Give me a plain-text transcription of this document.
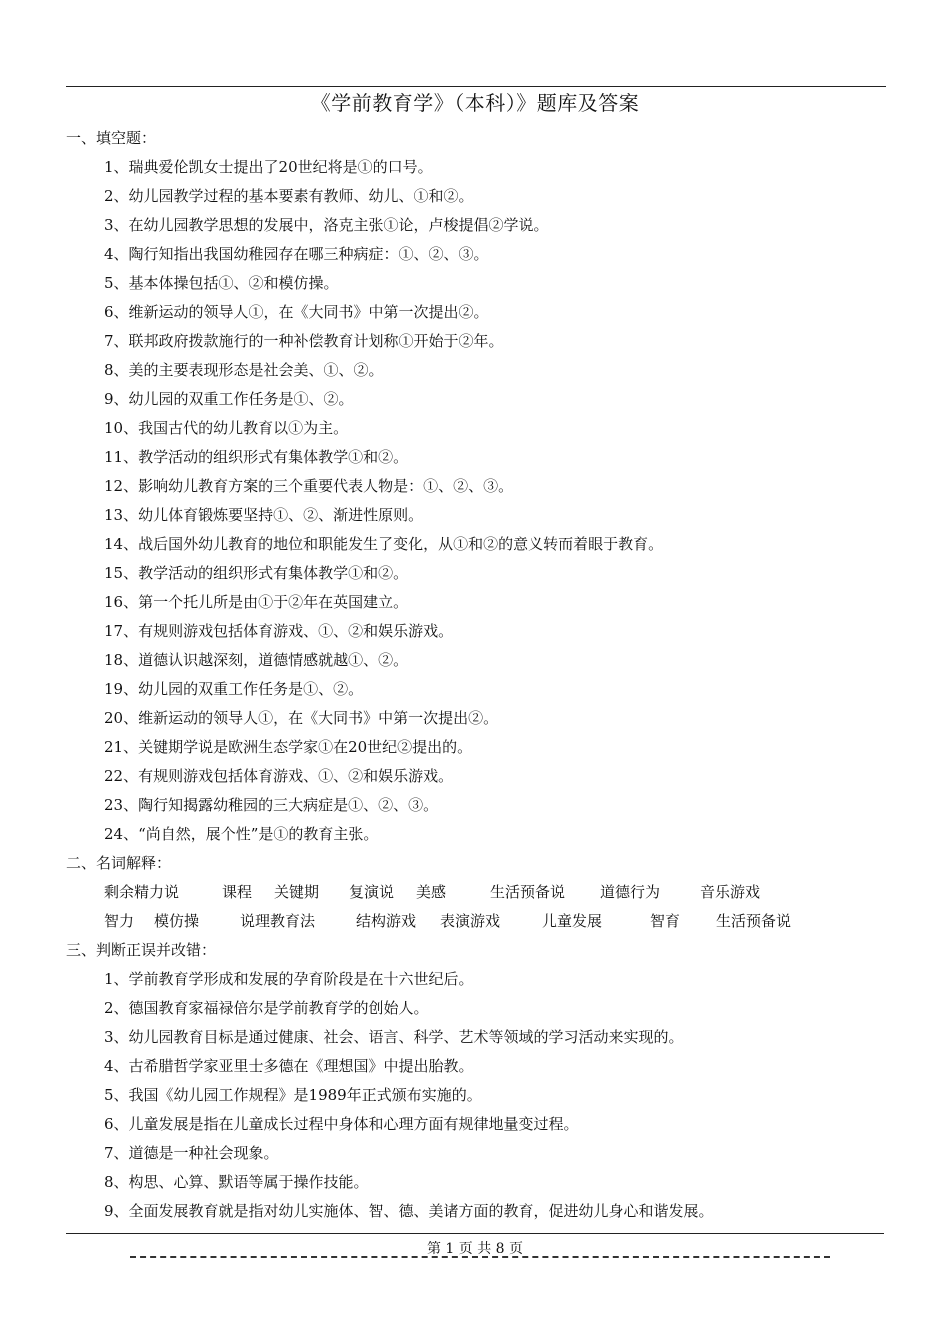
《学前教育学》（本科）》题库及答案
一、填空题：
1、瑞典爱伦凯女士提出了20世纪将是①的口号。
2、幼儿园教学过程的基本要素有教师、幼儿、①和②。
3、在幼儿园教学思想的发展中，洛克主张①论，卢梭提倡②学说。
4、陶行知指出我国幼稚园存在哪三种病症：①、②、③。
5、基本体操包括①、②和模仿操。
6、维新运动的领导人①，在《大同书》中第一次提出②。
7、联邦政府拨款施行的一种补偿教育计划称①开始于②年。
8、美的主要表现形态是社会美、①、②。
9、幼儿园的双重工作任务是①、②。
10、我国古代的幼儿教育以①为主。
11、教学活动的组织形式有集体教学①和②。
12、影响幼儿教育方案的三个重要代表人物是：①、②、③。
13、幼儿体育锻炼要坚持①、②、渐进性原则。
14、战后国外幼儿教育的地位和职能发生了变化，从①和②的意义转而着眼于教育。
15、教学活动的组织形式有集体教学①和②。
16、第一个托儿所是由①于②年在英国建立。
17、有规则游戏包括体育游戏、①、②和娱乐游戏。
18、道德认识越深刻，道德情感就越①、②。
19、幼儿园的双重工作任务是①、②。
20、维新运动的领导人①，在《大同书》中第一次提出②。
21、关键期学说是欧洲生态学家①在20世纪②提出的。
22、有规则游戏包括体育游戏、①、②和娱乐游戏。
23、陶行知揭露幼稚园的三大病症是①、②、③。
24、“尚自然，展个性”是①的教育主张。
二、名词解释：
剩余精力说	课程 关键期 复演说 美感	生活预备说 道德行为	音乐游戏
智力 模仿操	说理教育法	结构游戏 表演游戏	儿童发展	智育 生活预备说
三、判断正误并改错：
1、学前教育学形成和发展的孕育阶段是在十六世纪后。
2、德国教育家福禄倍尔是学前教育学的创始人。
3、幼儿园教育目标是通过健康、社会、语言、科学、艺术等领域的学习活动来实现的。
4、古希腊哲学家亚里士多德在《理想国》中提出胎教。
5、我国《幼儿园工作规程》是1989年正式颁布实施的。
6、儿童发展是指在儿童成长过程中身体和心理方面有规律地量变过程。
7、道德是一种社会现象。
8、构思、心算、默语等属于操作技能。
9、全面发展教育就是指对幼儿实施体、智、德、美诸方面的教育，促进幼儿身心和谐发展。
第 1 页 共 8 页
